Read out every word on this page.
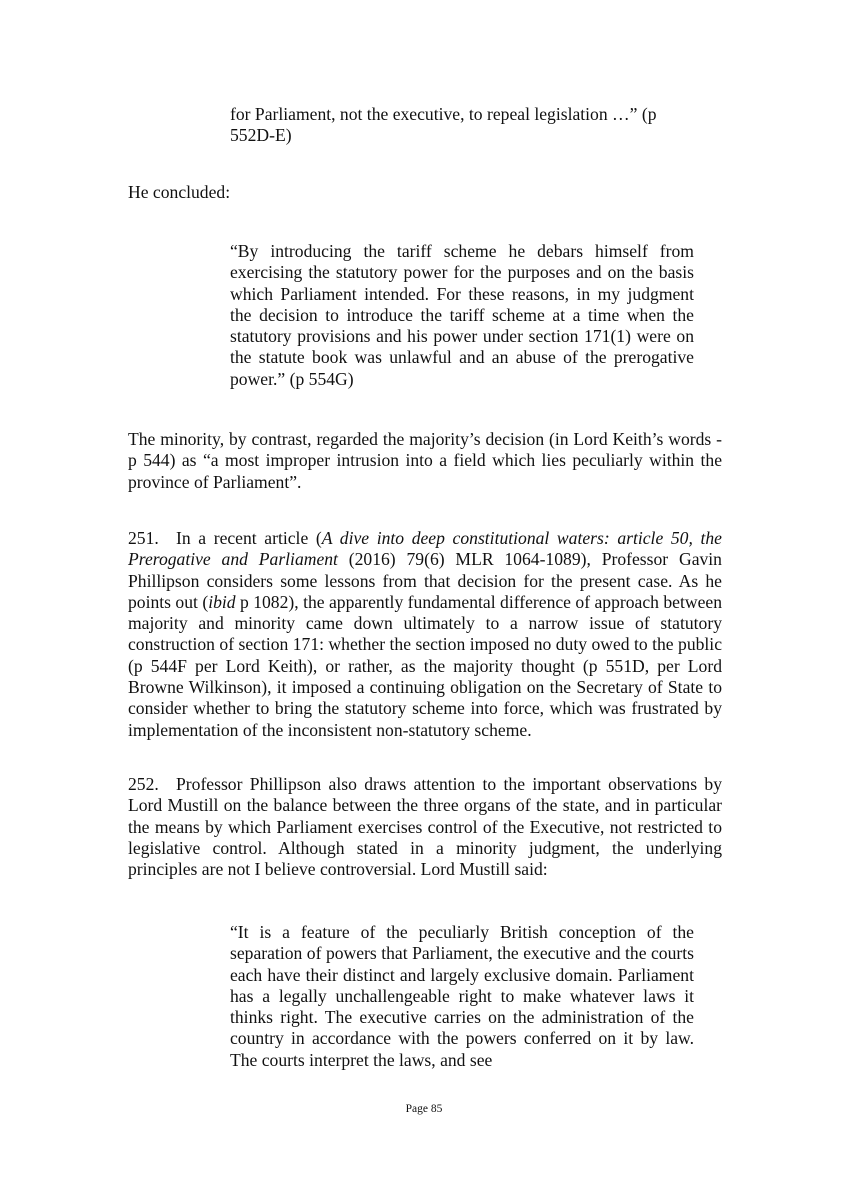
for Parliament, not the executive, to repeal legislation …” (p
552D-E)

He concluded:

“By introducing the tariff scheme he debars himself from exercising the statutory power for the purposes and on the basis which Parliament intended. For these reasons, in my judgment the decision to introduce the tariff scheme at a time when the statutory provisions and his power under section 171(1) were on the statute book was unlawful and an abuse of the prerogative power.” (p 554G)

The minority, by contrast, regarded the majority’s decision (in Lord Keith’s words - p 544) as “a most improper intrusion into a field which lies peculiarly within the province of Parliament”.

251. In a recent article (A dive into deep constitutional waters: article 50, the Prerogative and Parliament (2016) 79(6) MLR 1064-1089), Professor Gavin Phillipson considers some lessons from that decision for the present case. As he points out (ibid p 1082), the apparently fundamental difference of approach between majority and minority came down ultimately to a narrow issue of statutory construction of section 171: whether the section imposed no duty owed to the public (p 544F per Lord Keith), or rather, as the majority thought (p 551D, per Lord Browne Wilkinson), it imposed a continuing obligation on the Secretary of State to consider whether to bring the statutory scheme into force, which was frustrated by implementation of the inconsistent non-statutory scheme.

252. Professor Phillipson also draws attention to the important observations by Lord Mustill on the balance between the three organs of the state, and in particular the means by which Parliament exercises control of the Executive, not restricted to legislative control. Although stated in a minority judgment, the underlying principles are not I believe controversial. Lord Mustill said:

“It is a feature of the peculiarly British conception of the separation of powers that Parliament, the executive and the courts each have their distinct and largely exclusive domain. Parliament has a legally unchallengeable right to make whatever laws it thinks right. The executive carries on the administration of the country in accordance with the powers conferred on it by law. The courts interpret the laws, and see

Page 85
